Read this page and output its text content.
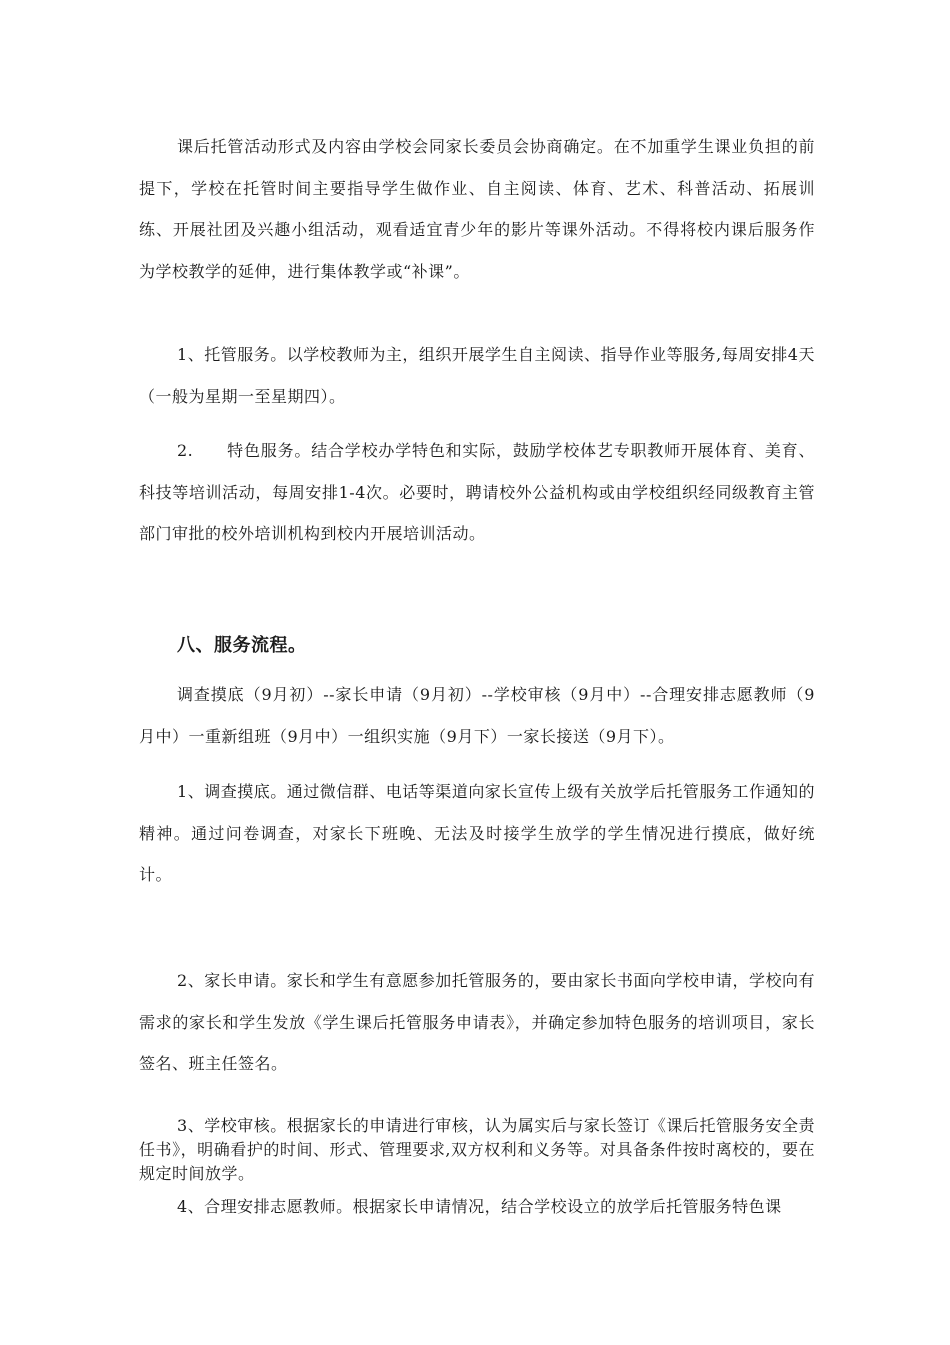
课后托管活动形式及内容由学校会同家长委员会协商确定。在不加重学生课业负担的前提下，学校在托管时间主要指导学生做作业、自主阅读、体育、艺术、科普活动、拓展训练、开展社团及兴趣小组活动，观看适宜青少年的影片等课外活动。不得将校内课后服务作为学校教学的延伸，进行集体教学或“补课”。

1、托管服务。以学校教师为主，组织开展学生自主阅读、指导作业等服务,每周安排4天（一般为星期一至星期四）。

2.　　特色服务。结合学校办学特色和实际，鼓励学校体艺专职教师开展体育、美育、科技等培训活动，每周安排1-4次。必要时，聘请校外公益机构或由学校组织经同级教育主管部门审批的校外培训机构到校内开展培训活动。

八、服务流程。

调查摸底（9月初）--家长申请（9月初）--学校审核（9月中）--合理安排志愿教师（9月中）一重新组班（9月中）一组织实施（9月下）一家长接送（9月下）。

1、调查摸底。通过微信群、电话等渠道向家长宣传上级有关放学后托管服务工作通知的精神。通过问卷调查，对家长下班晚、无法及时接学生放学的学生情况进行摸底，做好统计。

2、家长申请。家长和学生有意愿参加托管服务的，要由家长书面向学校申请，学校向有需求的家长和学生发放《学生课后托管服务申请表》，并确定参加特色服务的培训项目，家长签名、班主任签名。

3、学校审核。根据家长的申请进行审核，认为属实后与家长签订《课后托管服务安全责任书》，明确看护的时间、形式、管理要求,双方权利和义务等。对具备条件按时离校的，要在规定时间放学。

4、合理安排志愿教师。根据家长申请情况，结合学校设立的放学后托管服务特色课
